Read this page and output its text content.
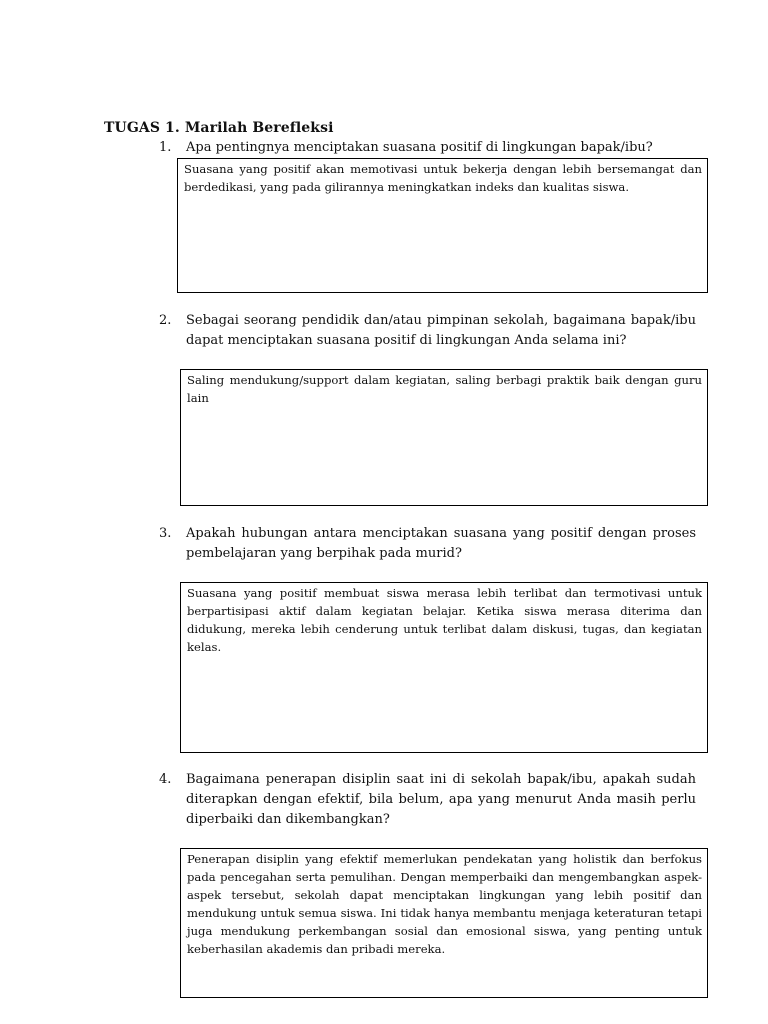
TUGAS 1. Marilah Berefleksi
1. Apa pentingnya menciptakan suasana positif di lingkungan bapak/ibu?
Suasana yang positif akan memotivasi untuk bekerja dengan lebih bersemangat dan berdedikasi, yang pada gilirannya meningkatkan indeks dan kualitas siswa.
2. Sebagai seorang pendidik dan/atau pimpinan sekolah, bagaimana bapak/ibu dapat menciptakan suasana positif di lingkungan Anda selama ini?
Saling mendukung/support dalam kegiatan, saling berbagi praktik baik dengan guru lain
3. Apakah hubungan antara menciptakan suasana yang positif dengan proses pembelajaran yang berpihak pada murid?
Suasana yang positif membuat siswa merasa lebih terlibat dan termotivasi untuk berpartisipasi aktif dalam kegiatan belajar. Ketika siswa merasa diterima dan didukung, mereka lebih cenderung untuk terlibat dalam diskusi, tugas, dan kegiatan kelas.
4. Bagaimana penerapan disiplin saat ini di sekolah bapak/ibu, apakah sudah diterapkan dengan efektif, bila belum, apa yang menurut Anda masih perlu diperbaiki dan dikembangkan?
Penerapan disiplin yang efektif memerlukan pendekatan yang holistik dan berfokus pada pencegahan serta pemulihan. Dengan memperbaiki dan mengembangkan aspek-aspek tersebut, sekolah dapat menciptakan lingkungan yang lebih positif dan mendukung untuk semua siswa. Ini tidak hanya membantu menjaga keteraturan tetapi juga mendukung perkembangan sosial dan emosional siswa, yang penting untuk keberhasilan akademis dan pribadi mereka.
